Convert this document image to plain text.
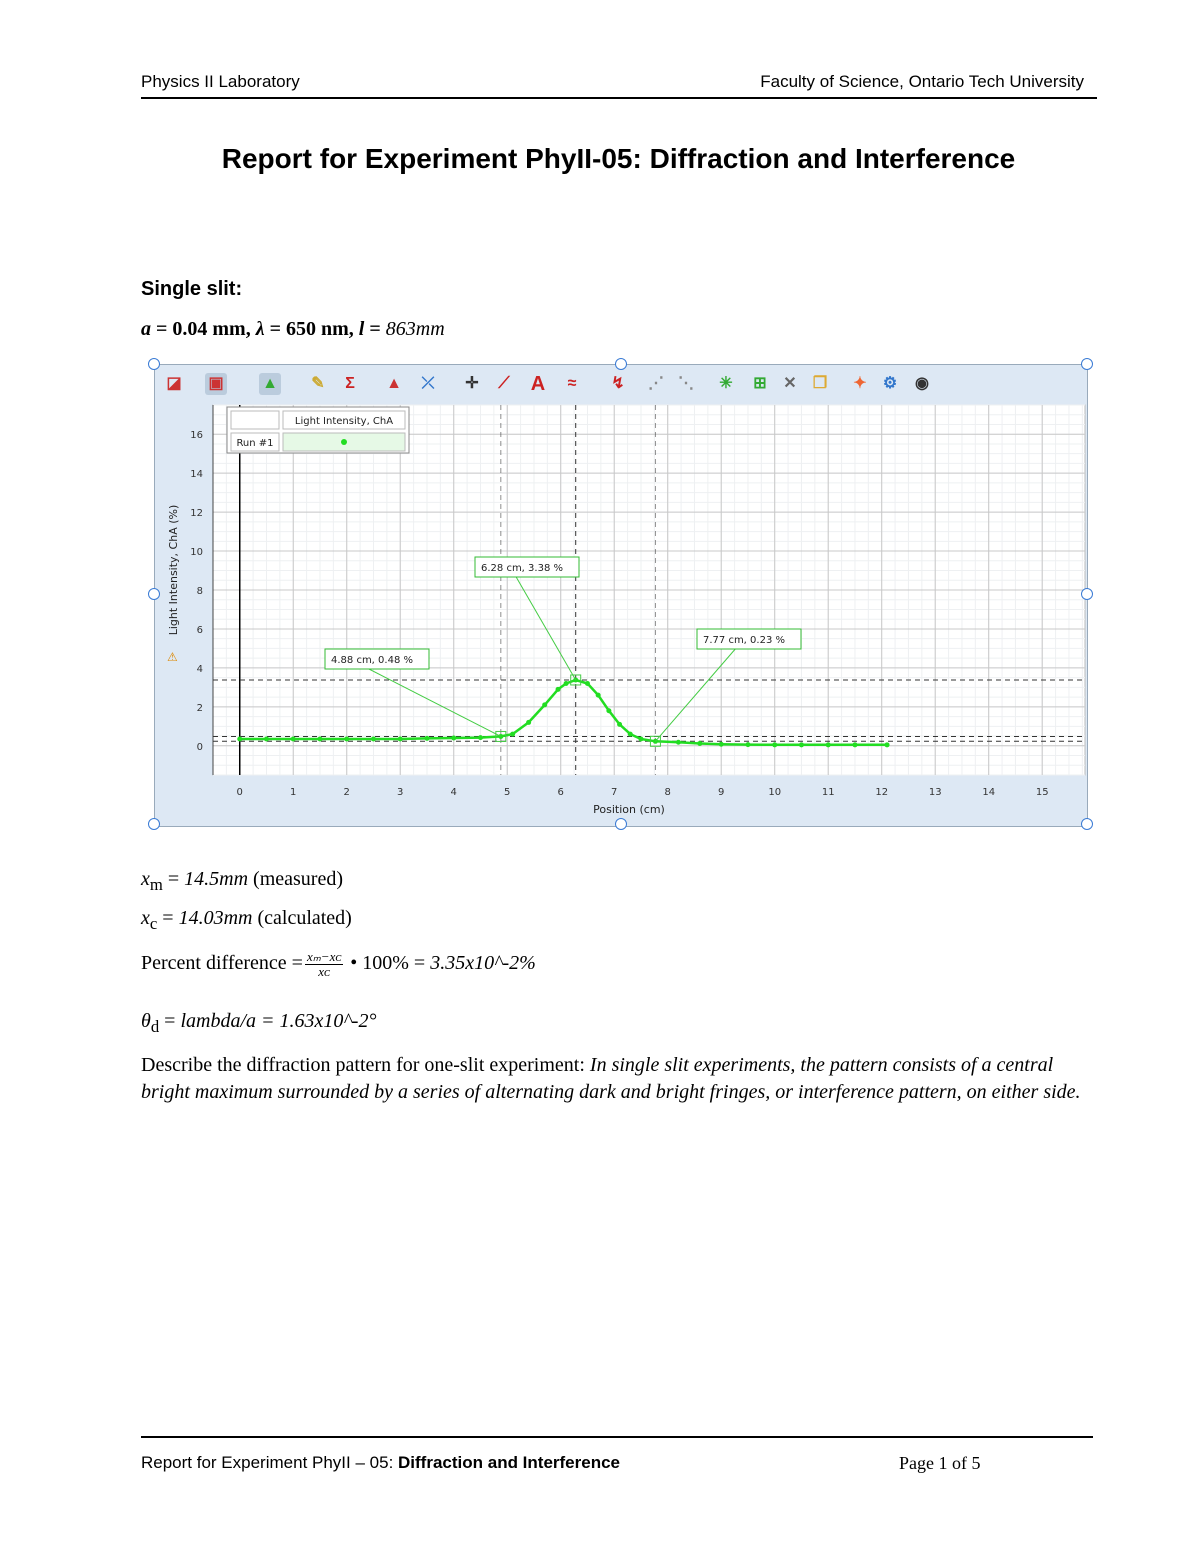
Physics II Laboratory	Faculty of Science, Ontario Tech University
Report for Experiment PhyII-05: Diffraction and Interference
Single slit:
a = 0.04 mm, λ = 650 nm, l = 863mm
◪ ▣ ▲ ✎	Σ	▲ ⤫ ✛	⟋ A	≈	↯ ⋰ ⋱ ✳ ⊞ ✕ ❐ ✦ ⚙ ◉
0	1	2	3	4	5	6	7	8	9	10	11	12	13	14	15
0
2
4
6
8
10
12
14
16
Position (cm)
Light Intensity, ChA (%)
⚠	4.88 cm, 0.48 %
6.28 cm, 3.38 %
7.77 cm, 0.23 %
Light Intensity, ChA
Run #1
$x_m = 14.5mm$ (measured)
$x_c = 14.03mm$ (calculated)
Percent difference = $\frac{\text{xₘ−xᴄ}}{\text{xᴄ}}$ • 100% = 3.35x10^-2%
$\theta_d$ = lambda/a = 1.63x10^-2°
Describe the diffraction pattern for one-slit experiment: In single slit experiments, the pattern consists of a central bright maximum surrounded by a series of alternating dark and bright fringes, or interference pattern, on either side.
Report for Experiment PhyII – 05: Diffraction and Interference	Page 1 of 5
